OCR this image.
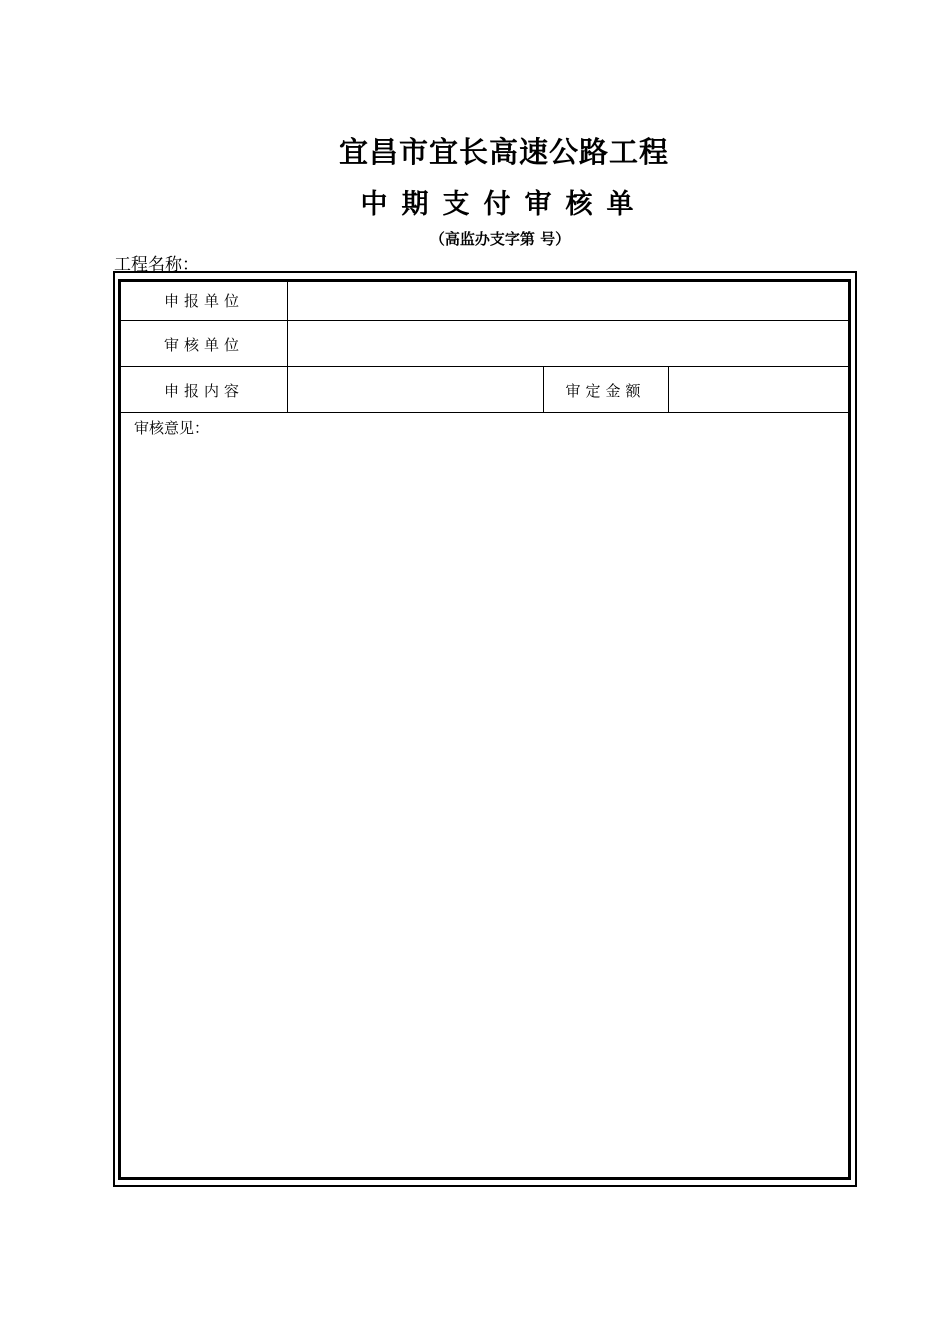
宜昌市宜长高速公路工程
中期支付审核单
（高监办支字第 号）
工程名称：
申报单位
审核单位
申报内容	审定金额
审核意见：
